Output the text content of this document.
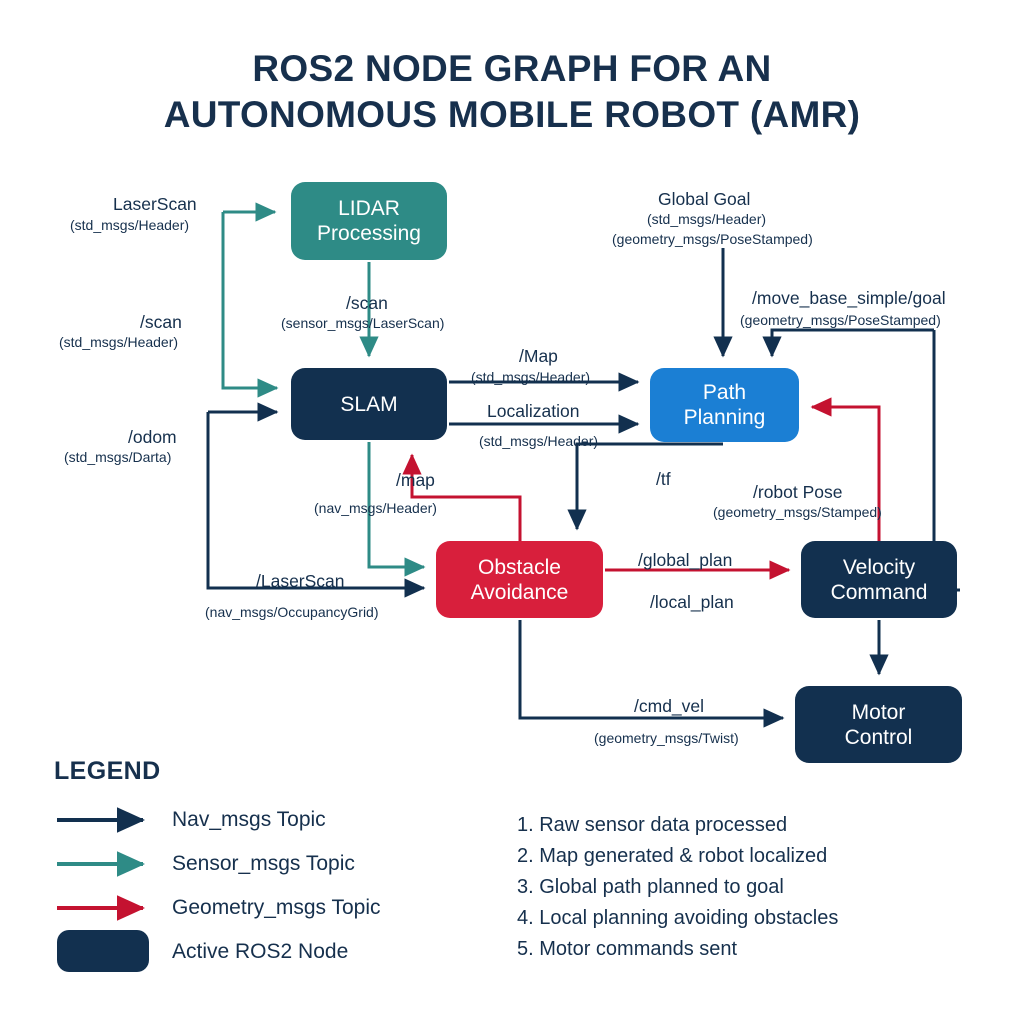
ROS2 NODE GRAPH FOR AN
AUTONOMOUS MOBILE ROBOT (AMR)
LIDAR
Processing
SLAM	Path
Planning
Obstacle
Avoidance
Velocity
Command
Motor
Control
LaserScan
(std_msgs/Header)
/scan
(std_msgs/Header)
/scan
(sensor_msgs/LaserScan)
/odom
(std_msgs/Darta)
Global Goal
(std_msgs/Header)
(geometry_msgs/PoseStamped)
/move_base_simple/goal
(geometry_msgs/PoseStamped)
/Map
(std_msgs/Header)
Localization
(std_msgs/Header)
/map
(nav_msgs/Header)
/tf
/robot Pose
(geometry_msgs/Stamped)
/LaserScan
(nav_msgs/OccupancyGrid)
/global_plan
/local_plan
/cmd_vel
(geometry_msgs/Twist)
LEGEND
Nav_msgs Topic
Sensor_msgs Topic
Geometry_msgs Topic
Active ROS2 Node
1. Raw sensor data processed
2. Map generated & robot localized
3. Global path planned to goal
4. Local planning avoiding obstacles
5. Motor commands sent
